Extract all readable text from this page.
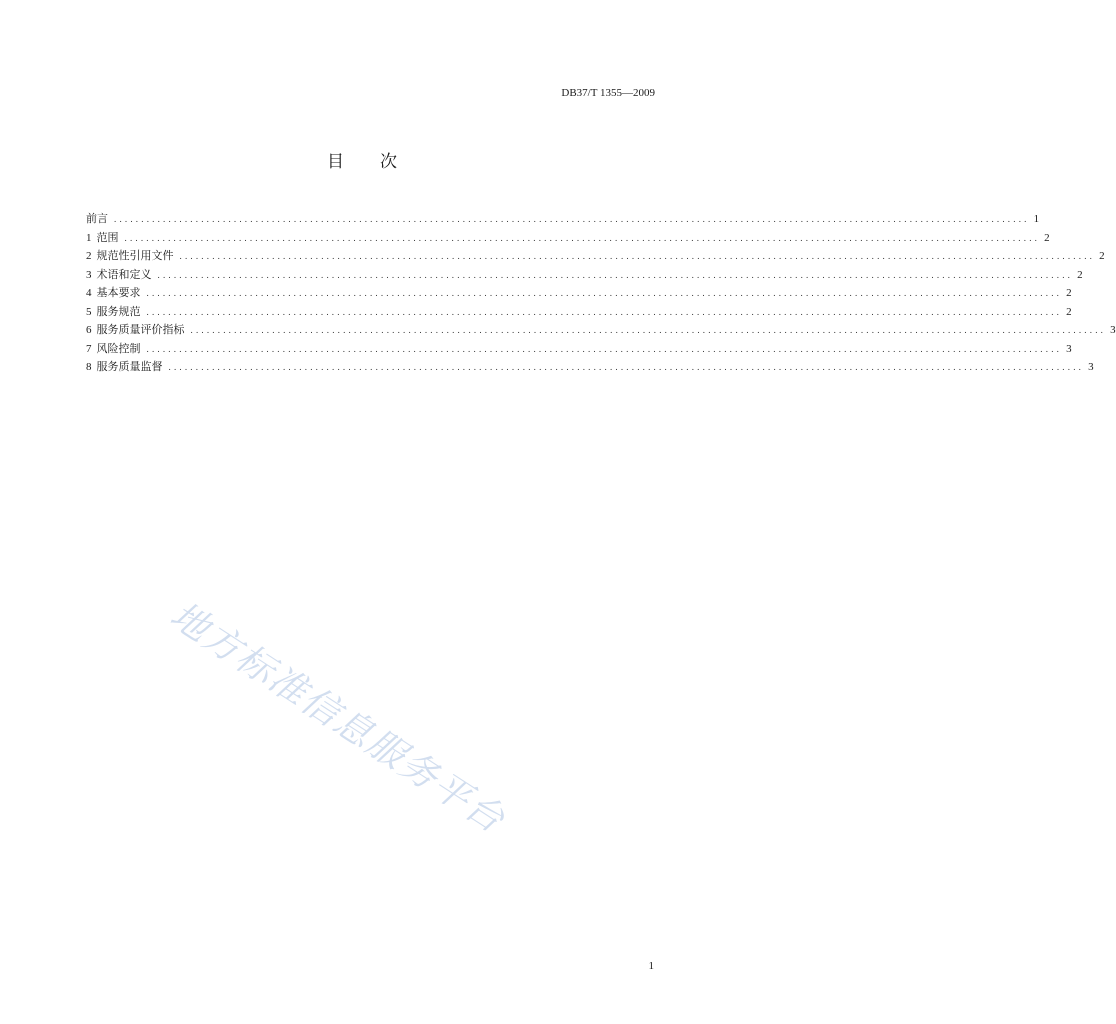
DB37/T 1355—2009
目 次
前言 ........................................................................................................................................................................ 1
1 范围 ........................................................................................................................................................................ 2
2 规范性引用文件 ........................................................................................................................................................................ 2
3 术语和定义 ........................................................................................................................................................................ 2
4 基本要求 ........................................................................................................................................................................ 2
5 服务规范 ........................................................................................................................................................................ 2
6 服务质量评价指标 ........................................................................................................................................................................ 3
7 风险控制 ........................................................................................................................................................................ 3
8 服务质量监督 ........................................................................................................................................................................ 3
地方标准信息服务平台
1
